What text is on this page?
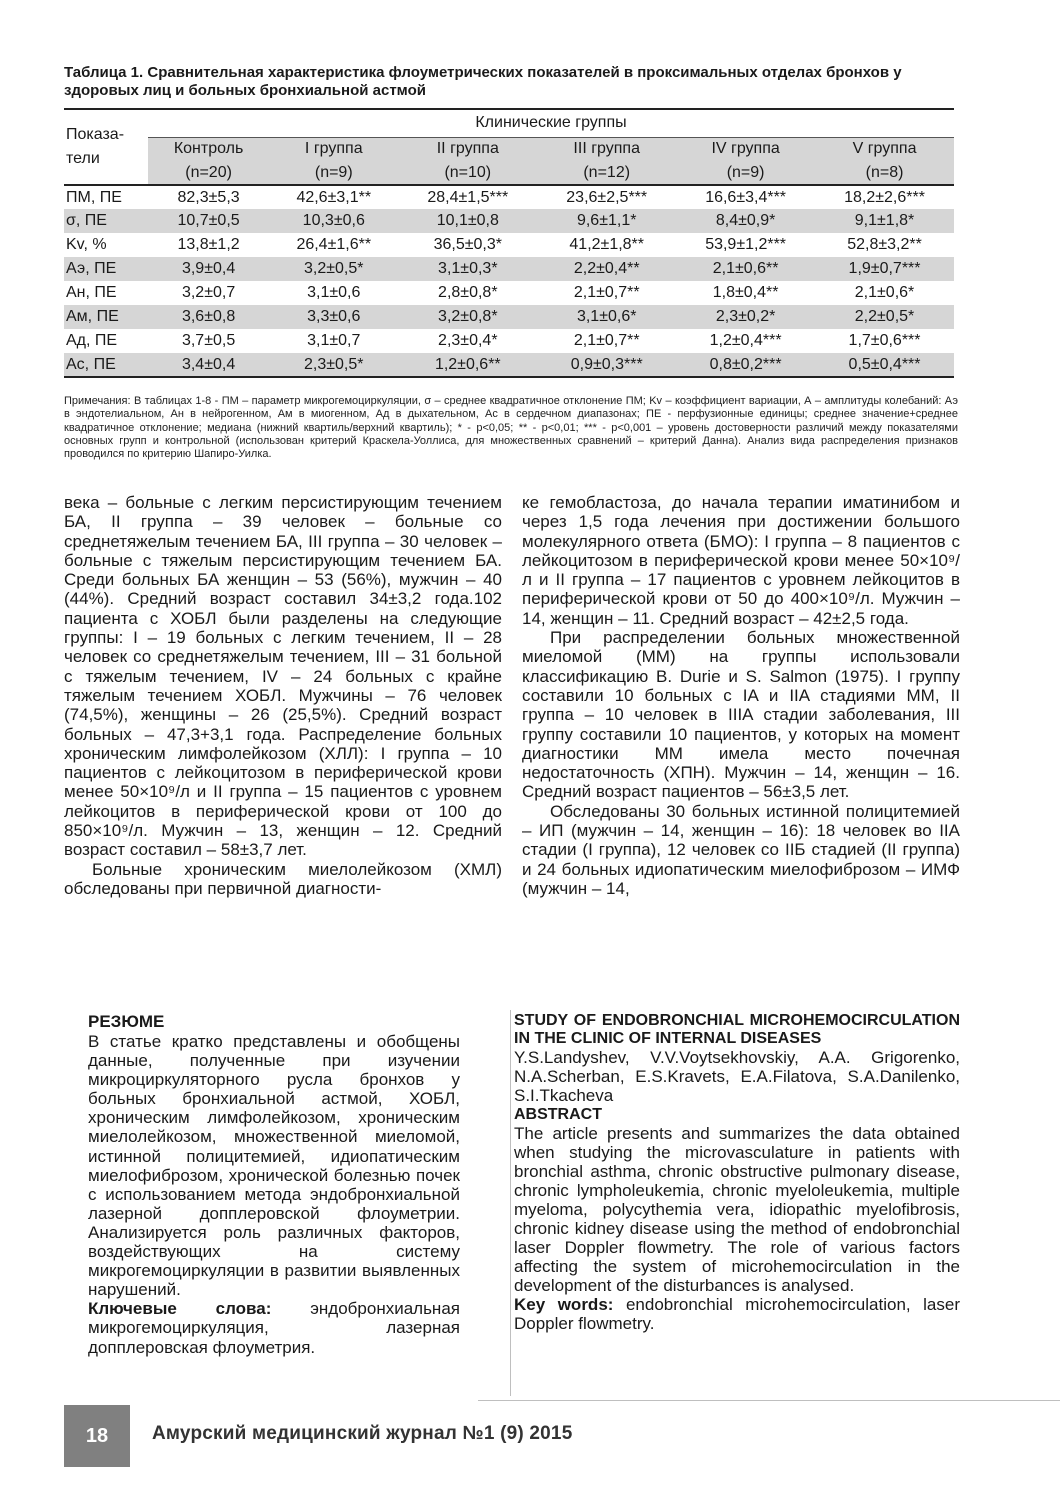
Таблица 1. Сравнительная характеристика флоуметрических показателей в проксимальных отделах бронхов у здоровых лиц и больных бронхиальной астмой
Показа- тели	Клинические группы					
	Контроль	I группа	II группа	III группа	IV группа	V группа
	(n=20)	(n=9)	(n=10)	(n=12)	(n=9)	(n=8)
ПМ, ПЕ	82,3±5,3	42,6±3,1**	28,4±1,5***	23,6±2,5***	16,6±3,4***	18,2±2,6***
σ, ПЕ	10,7±0,5	10,3±0,6	10,1±0,8	9,6±1,1*	8,4±0,9*	9,1±1,8*
Kv, %	13,8±1,2	26,4±1,6**	36,5±0,3*	41,2±1,8**	53,9±1,2***	52,8±3,2**
Аэ, ПЕ	3,9±0,4	3,2±0,5*	3,1±0,3*	2,2±0,4**	2,1±0,6**	1,9±0,7***
Ан, ПЕ	3,2±0,7	3,1±0,6	2,8±0,8*	2,1±0,7**	1,8±0,4**	2,1±0,6*
Ам, ПЕ	3,6±0,8	3,3±0,6	3,2±0,8*	3,1±0,6*	2,3±0,2*	2,2±0,5*
Ад, ПЕ	3,7±0,5	3,1±0,7	2,3±0,4*	2,1±0,7**	1,2±0,4***	1,7±0,6***
Ас, ПЕ	3,4±0,4	2,3±0,5*	1,2±0,6**	0,9±0,3***	0,8±0,2***	0,5±0,4***
Примечания: В таблицах 1-8 - ПМ – параметр микрогемоциркуляции, σ – среднее квадратичное отклонение ПМ; Kv – коэффициент вариации, А – амплитуды колебаний: Аэ в эндотелиальном, Ан в нейрогенном, Ам в миогенном, Ад в дыхательном, Ас в сердечном диапазонах; ПЕ - перфузионные единицы; среднее значение+среднее квадратичное отклонение; медиана (нижний квартиль/верхний квартиль); * - р<0,05; ** - р<0,01; *** - р<0,001 – уровень достоверности различий между показателями основных групп и контрольной (использован критерий Краскела-Уоллиса, для множественных сравнений – критерий Данна). Анализ вида распределения признаков проводился по критерию Шапиро-Уилка.

века – больные с легким персистирующим течением БА, II группа – 39 человек – больные со среднетяжелым течением БА, III группа – 30 человек – больные с тяжелым персистирующим течением БА. Среди больных БА женщин – 53 (56%), мужчин – 40 (44%). Средний возраст составил 34±3,2 года.102 пациента с ХОБЛ были разделены на следующие группы: I – 19 больных с легким течением, II – 28 человек со среднетяжелым течением, III – 31 больной с тяжелым течением, IV – 24 больных с крайне тяжелым течением ХОБЛ. Мужчины – 76 человек (74,5%), женщины – 26 (25,5%). Средний возраст больных – 47,3+3,1 года. Распределение больных хроническим лимфолейкозом (ХЛЛ): I группа – 10 пациентов с лейкоцитозом в периферической крови менее 50×10⁹/л и II группа – 15 пациентов с уровнем лейкоцитов в периферической крови от 100 до 850×10⁹/л. Мужчин – 13, женщин – 12. Средний возраст составил – 58±3,7 лет.

Больные хроническим миелолейкозом (ХМЛ) обследованы при первичной диагности-

ке гемобластоза, до начала терапии иматинибом и через 1,5 года лечения при достижении большого молекулярного ответа (БМО): I группа – 8 пациентов с лейкоцитозом в периферической крови менее 50×10⁹/л и II группа – 17 пациентов с уровнем лейкоцитов в периферической крови от 50 до 400×10⁹/л. Мужчин – 14, женщин – 11. Средний возраст – 42±2,5 года.

При распределении больных множественной миеломой (ММ) на группы использовали классификацию B. Durie и S. Salmon (1975). I группу составили 10 больных с IA и IIA стадиями ММ, II группа – 10 человек в IIIA стадии заболевания, III группу составили 10 пациентов, у которых на момент диагностики ММ имела место почечная недостаточность (ХПН). Мужчин – 14, женщин – 16. Средний возраст пациентов – 56±3,5 лет.

Обследованы 30 больных истинной полицитемией – ИП (мужчин – 14, женщин – 16): 18 человек во IIA стадии (I группа), 12 человек со IIБ стадией (II группа) и 24 больных идиопатическим миелофиброзом – ИМФ (мужчин – 14,

РЕЗЮМЕ

В статье кратко представлены и обобщены данные, полученные при изучении микроциркуляторного русла бронхов у больных бронхиальной астмой, ХОБЛ, хроническим лимфолейкозом, хроническим миелолейкозом, множественной миеломой, истинной полицитемией, идиопатическим миелофиброзом, хронической болезнью почек с использованием метода эндобронхиальной лазерной допплеровской флоуметрии. Анализируется роль различных факторов, воздействующих на систему микрогемоциркуляции в развитии выявленных нарушений.

Ключевые слова: эндобронхиальная микрогемоциркуляция, лазерная допплеровская флоуметрия.

STUDY OF ENDOBRONCHIAL MICROHEMOCIRCULATION IN THE CLINIC OF INTERNAL DISEASES

Y.S.Landyshev, V.V.Voytsekhovskiy, A.A. Grigorenko, N.A.Scherban, E.S.Kravets, E.A.Filatova, S.A.Danilenko, S.I.Tkacheva

ABSTRACT

The article presents and summarizes the data obtained when studying the microvasculature in patients with bronchial asthma, chronic obstructive pulmonary disease, chronic lympholeukemia, chronic myeloleukemia, multiple myeloma, polycythemia vera, idiopathic myelofibrosis, chronic kidney disease using the method of endobronchial laser Doppler flowmetry. The role of various factors affecting the system of microhemocirculation in the development of the disturbances is analysed.

Key words: endobronchial microhemocirculation, laser Doppler flowmetry.

18	Амурский медицинский журнал №1 (9) 2015
